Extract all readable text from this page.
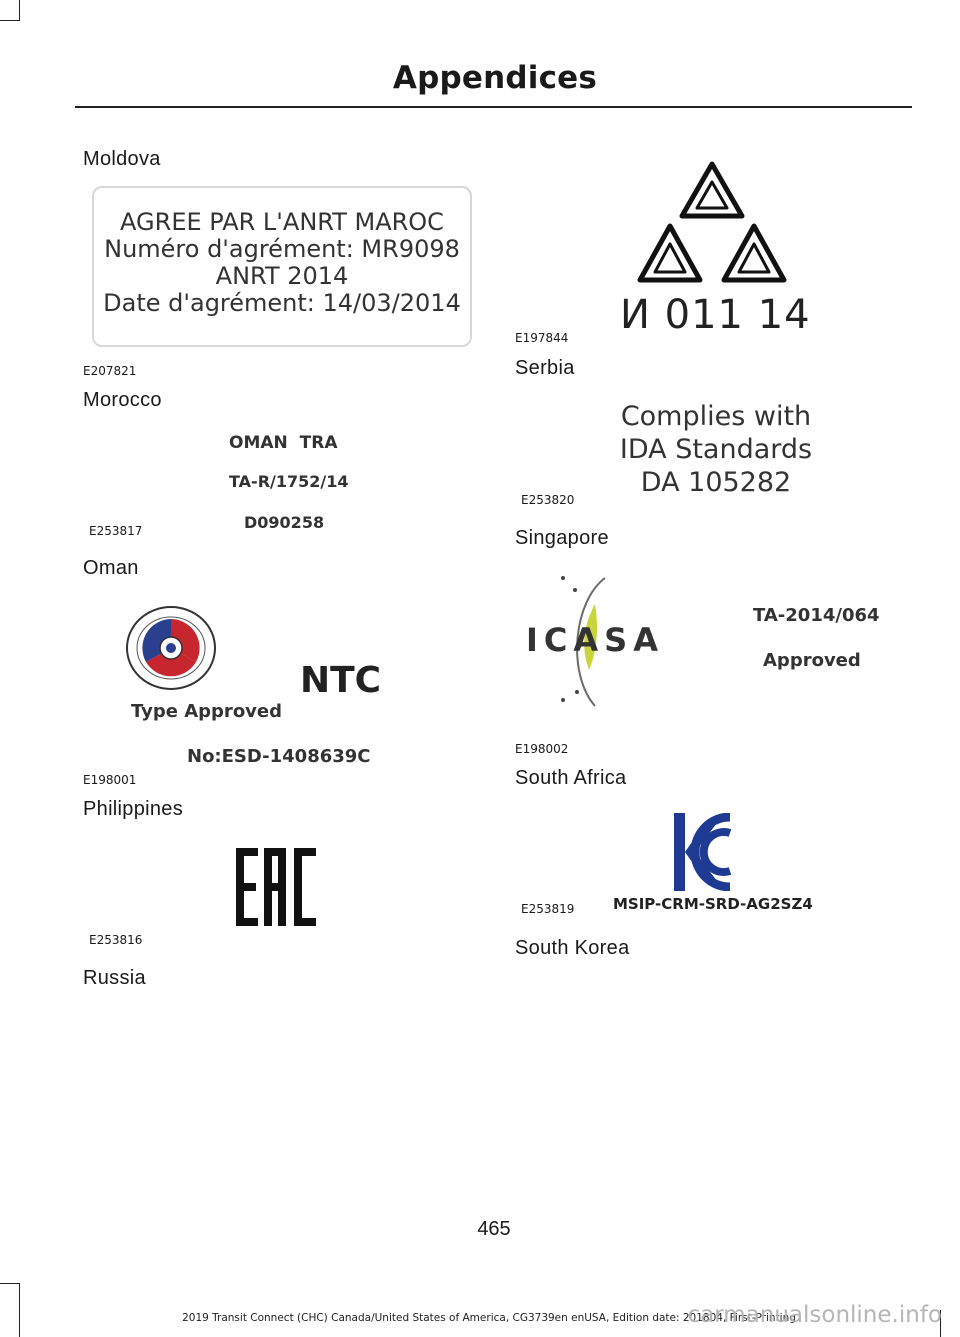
Appendices
Moldova
AGREE PAR L'ANRT MAROC
Numéro d'agrément: MR9098
ANRT 2014
Date d'agrément: 14/03/2014
E207821
Morocco
OMAN TRA
TA-R/1752/14
D090258
E253817
Oman
NTC
Type Approved
No:ESD-1408639C
E198001
Philippines
E253816
Russia
И 011 14
E197844
Serbia
Complies with
IDA Standards
DA 105282
E253820
Singapore
ICASA
TA-2014/064
Approved
E198002
South Africa
MSIP-CRM-SRD-AG2SZ4
E253819
South Korea
465
2019 Transit Connect (CHC) Canada/United States of America, CG3739en enUSA, Edition date: 201804, First-Printing
carmanualsonline.info
